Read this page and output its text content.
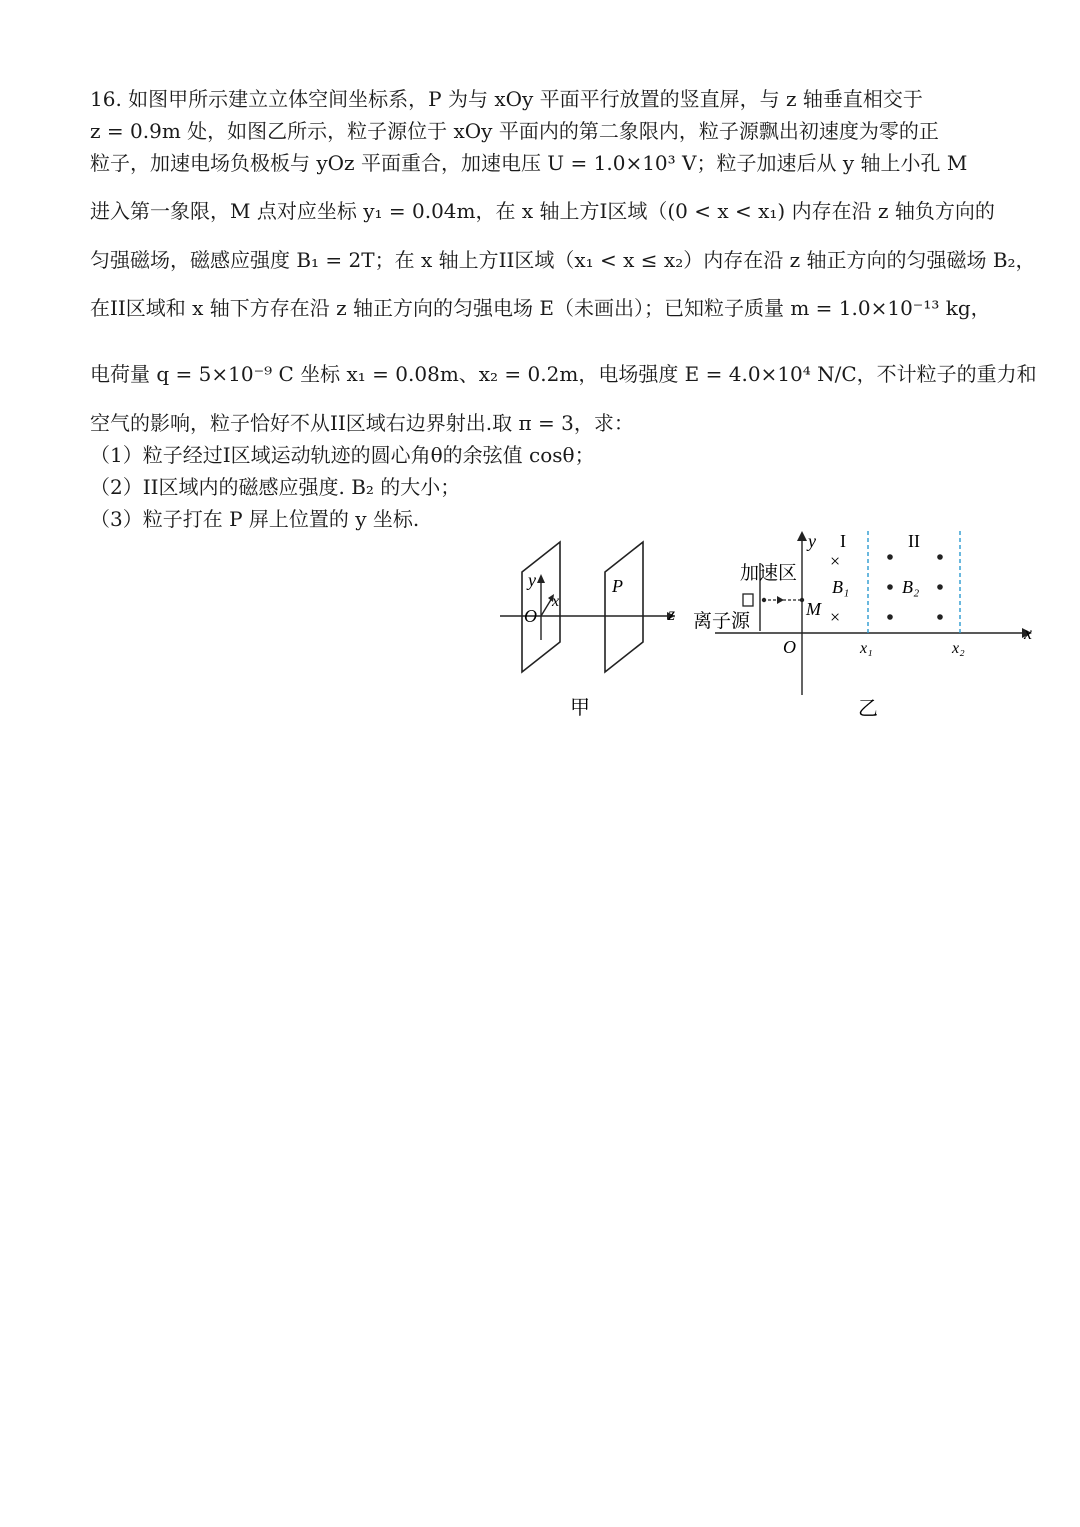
16. 如图甲所示建立立体空间坐标系，P 为与 xOy 平面平行放置的竖直屏，与 z 轴垂直相交于
z = 0.9m 处，如图乙所示，粒子源位于 xOy 平面内的第二象限内，粒子源飘出初速度为零的正
粒子，加速电场负极板与 yOz 平面重合，加速电压 U = 1.0×10³ V；粒子加速后从 y 轴上小孔 M
进入第一象限，M 点对应坐标 y₁ = 0.04m，在 x 轴上方I区域（(0 < x < x₁) 内存在沿 z 轴负方向的
匀强磁场，磁感应强度 B₁ = 2T；在 x 轴上方II区域（x₁ < x ≤ x₂）内存在沿 z 轴正方向的匀强磁场 B₂，
在II区域和 x 轴下方存在沿 z 轴正方向的匀强电场 E（未画出）；已知粒子质量 m = 1.0×10⁻¹³ kg，
电荷量 q = 5×10⁻⁹ C 坐标 x₁ = 0.08m、x₂ = 0.2m，电场强度 E = 4.0×10⁴ N/C，不计粒子的重力和
空气的影响，粒子恰好不从II区域右边界射出.取 π = 3，求：
（1）粒子经过I区域运动轨迹的圆心角θ的余弦值 cosθ；
（2）II区域内的磁感应强度. B₂ 的大小；
（3）粒子打在 P 屏上位置的 y 坐标.
y
x
O
P
z
甲
I	II
×
×
B₁	B₂
M
加速区
离子源
y
x
O	x₁	x₂
乙
